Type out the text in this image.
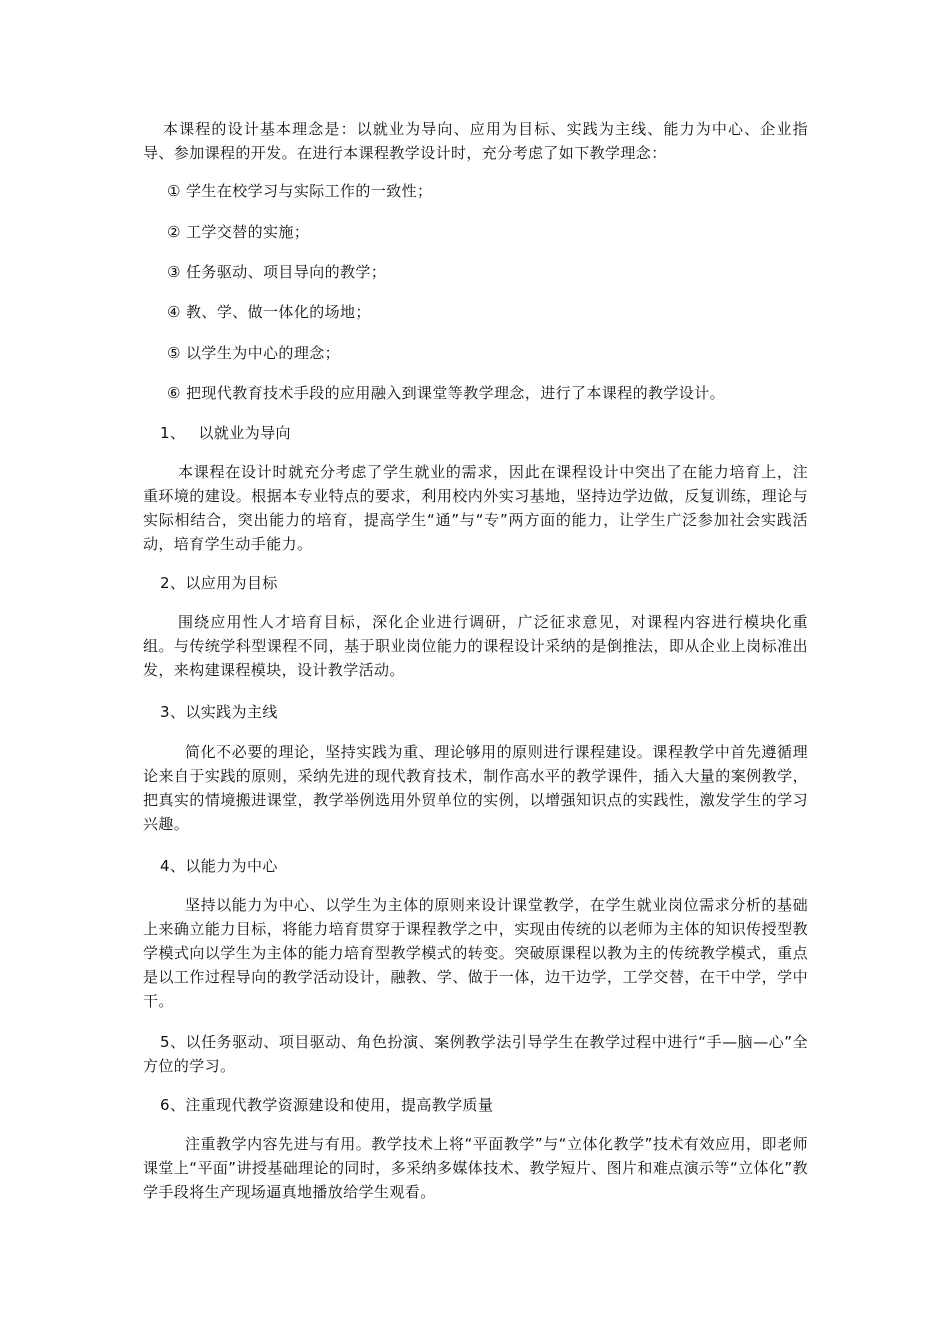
本课程的设计基本理念是：以就业为导向、应用为目标、实践为主线、能力为中心、企业指导、参加课程的开发。在进行本课程教学设计时，充分考虑了如下教学理念：

① 学生在校学习与实际工作的一致性；

② 工学交替的实施；

③ 任务驱动、项目导向的教学；

④ 教、学、做一体化的场地；

⑤ 以学生为中心的理念；

⑥ 把现代教育技术手段的应用融入到课堂等教学理念，进行了本课程的教学设计。

1、 以就业为导向

本课程在设计时就充分考虑了学生就业的需求，因此在课程设计中突出了在能力培育上，注重环境的建设。根据本专业特点的要求，利用校内外实习基地，坚持边学边做，反复训练，理论与实际相结合，突出能力的培育，提高学生“通”与“专”两方面的能力，让学生广泛参加社会实践活动，培育学生动手能力。

2、以应用为目标

围绕应用性人才培育目标，深化企业进行调研，广泛征求意见，对课程内容进行模块化重组。与传统学科型课程不同，基于职业岗位能力的课程设计采纳的是倒推法，即从企业上岗标准出发，来构建课程模块，设计教学活动。

3、以实践为主线

简化不必要的理论，坚持实践为重、理论够用的原则进行课程建设。课程教学中首先遵循理论来自于实践的原则，采纳先进的现代教育技术，制作高水平的教学课件，插入大量的案例教学，把真实的情境搬进课堂，教学举例选用外贸单位的实例，以增强知识点的实践性，激发学生的学习兴趣。

4、以能力为中心

坚持以能力为中心、以学生为主体的原则来设计课堂教学，在学生就业岗位需求分析的基础上来确立能力目标，将能力培育贯穿于课程教学之中，实现由传统的以老师为主体的知识传授型教学模式向以学生为主体的能力培育型教学模式的转变。突破原课程以教为主的传统教学模式，重点是以工作过程导向的教学活动设计，融教、学、做于一体，边干边学，工学交替，在干中学，学中干。

5、以任务驱动、项目驱动、角色扮演、案例教学法引导学生在教学过程中进行“手—脑—心”全方位的学习。

6、注重现代教学资源建设和使用，提高教学质量

注重教学内容先进与有用。教学技术上将“平面教学”与“立体化教学”技术有效应用，即老师课堂上“平面”讲授基础理论的同时，多采纳多媒体技术、教学短片、图片和难点演示等“立体化”教学手段将生产现场逼真地播放给学生观看。
